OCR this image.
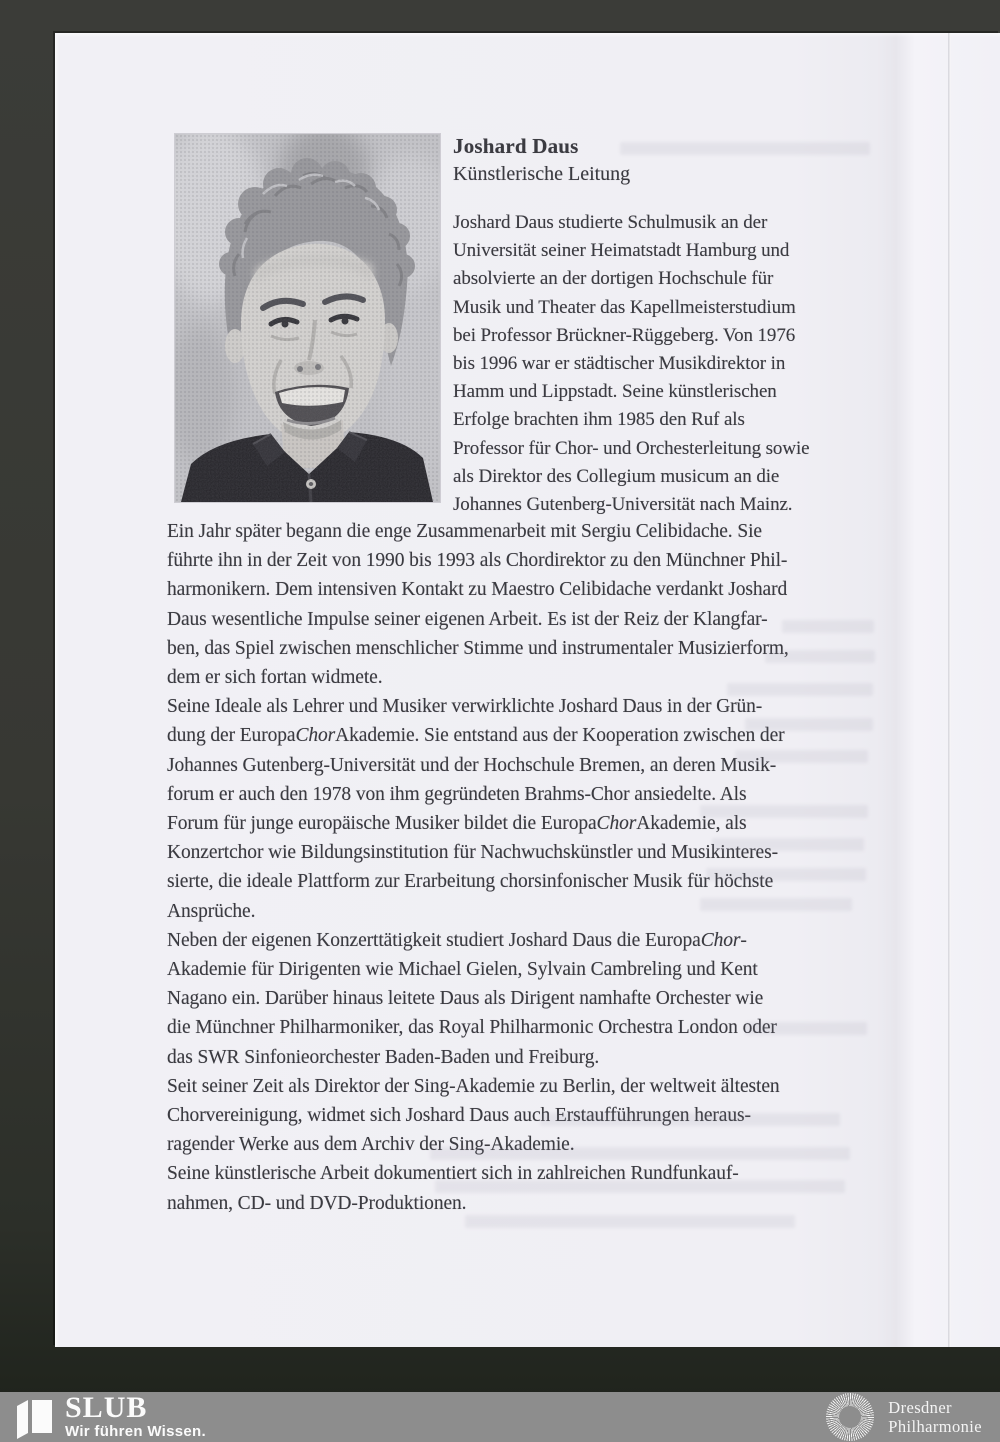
Joshard Daus
Künstlerische Leitung
Joshard Daus studierte Schulmusik an der
Universität seiner Heimatstadt Hamburg und
absolvierte an der dortigen Hochschule für
Musik und Theater das Kapellmeisterstudium
bei Professor Brückner-Rüggeberg. Von 1976
bis 1996 war er städtischer Musikdirektor in
Hamm und Lippstadt. Seine künstlerischen
Erfolge brachten ihm 1985 den Ruf als
Professor für Chor- und Orchesterleitung sowie
als Direktor des Collegium musicum an die
Johannes Gutenberg-Universität nach Mainz.
Ein Jahr später begann die enge Zusammenarbeit mit Sergiu Celibidache. Sie
führte ihn in der Zeit von 1990 bis 1993 als Chordirektor zu den Münchner Phil-
harmonikern. Dem intensiven Kontakt zu Maestro Celibidache verdankt Joshard
Daus wesentliche Impulse seiner eigenen Arbeit. Es ist der Reiz der Klangfar-
ben, das Spiel zwischen menschlicher Stimme und instrumentaler Musizierform,
dem er sich fortan widmete.
Seine Ideale als Lehrer und Musiker verwirklichte Joshard Daus in der Grün-
dung der EuropaChorAkademie. Sie entstand aus der Kooperation zwischen der
Johannes Gutenberg-Universität und der Hochschule Bremen, an deren Musik-
forum er auch den 1978 von ihm gegründeten Brahms-Chor ansiedelte. Als
Forum für junge europäische Musiker bildet die EuropaChorAkademie, als
Konzertchor wie Bildungsinstitution für Nachwuchskünstler und Musikinteres-
sierte, die ideale Plattform zur Erarbeitung chorsinfonischer Musik für höchste
Ansprüche.
Neben der eigenen Konzerttätigkeit studiert Joshard Daus die EuropaChor-
Akademie für Dirigenten wie Michael Gielen, Sylvain Cambreling und Kent
Nagano ein. Darüber hinaus leitete Daus als Dirigent namhafte Orchester wie
die Münchner Philharmoniker, das Royal Philharmonic Orchestra London oder
das SWR Sinfonieorchester Baden-Baden und Freiburg.
Seit seiner Zeit als Direktor der Sing-Akademie zu Berlin, der weltweit ältesten
Chorvereinigung, widmet sich Joshard Daus auch Erstaufführungen heraus-
ragender Werke aus dem Archiv der Sing-Akademie.
Seine künstlerische Arbeit dokumentiert sich in zahlreichen Rundfunkauf-
nahmen, CD- und DVD-Produktionen.
SLUB
Wir führen Wissen.
Dresdner
Philharmonie
